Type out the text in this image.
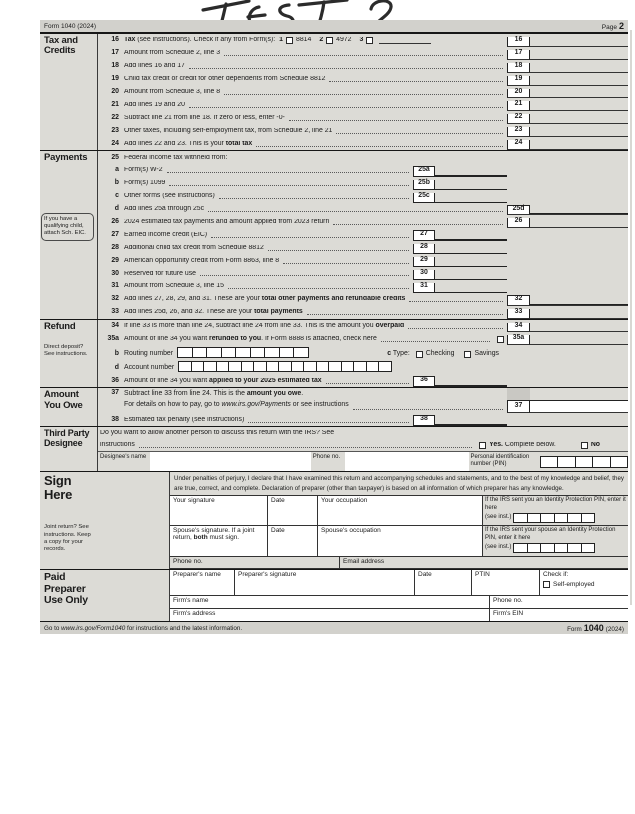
Form 1040 (2024)	Page 2
Tax and Credits
16 Tax (see instructions). Check if any from Form(s): 1 8814 2 4972 3	16
17 Amount from Schedule 2, line 3	17
18 Add lines 16 and 17	18
19 Child tax credit or credit for other dependents from Schedule 8812	19
20 Amount from Schedule 3, line 8	20
21 Add lines 19 and 20	21
22 Subtract line 21 from line 18. If zero or less, enter -0-	22
23 Other taxes, including self-employment tax, from Schedule 2, line 21	23
24 Add lines 22 and 23. This is your total tax	24
Payments
If you have a qualifying child, attach Sch. EIC.
25 Federal income tax withheld from:
a Form(s) W-2	25a
b Form(s) 1099	25b
c Other forms (see instructions)	25c
d Add lines 25a through 25c	25d
26 2024 estimated tax payments and amount applied from 2023 return	26
27 Earned income credit (EIC)	27
28 Additional child tax credit from Schedule 8812	28
29 American opportunity credit from Form 8863, line 8	29
30 Reserved for future use	30
31 Amount from Schedule 3, line 15	31
32 Add lines 27, 28, 29, and 31. These are your total other payments and refundable credits	32
33 Add lines 25d, 26, and 32. These are your total payments	33
Refund
Direct deposit? See instructions.
34 If line 33 is more than line 24, subtract line 24 from line 33. This is the amount you overpaid	34
35a Amount of line 34 you want refunded to you . If Form 8888 is attached, check here	35a
b Routing number	c Type: Checking	Savings
d Account number
36 Amount of line 34 you want applied to your 2025 estimated tax	36
Amount You Owe
37 Subtract line 33 from line 24. This is the amount you owe .
For details on how to pay, go to www.irs.gov/Payments or see instructions	37
38 Estimated tax penalty (see instructions)	38
Third Party Designee
Do you want to allow another person to discuss this return with the IRS? See
instructions	Yes. Complete below.	No
Designee's name	Phone no.	Personal identification number (PIN)
Sign Here
Joint return? See instructions. Keep a copy for your records.
Under penalties of perjury, I declare that I have examined this return and accompanying schedules and statements, and to the best of my knowledge and belief, they are true, correct, and complete. Declaration of preparer (other than taxpayer) is based on all information of which preparer has any knowledge.
Your signature	Date	Your occupation	If the IRS sent you an Identity Protection PIN, enter it here
(see inst.)
Spouse's signature. If a joint return, both must sign.
Date	Spouse's occupation	If the IRS sent your spouse an Identity Protection PIN, enter it here
(see inst.)
Phone no.	Email address
Paid Preparer Use Only
Preparer's name	Preparer's signature	Date	PTIN	Check if:
Self-employed
Firm's name	Phone no.
Firm's address	Firm's EIN
Go to www.irs.gov/Form1040 for instructions and the latest information.	Form 1040 (2024)
